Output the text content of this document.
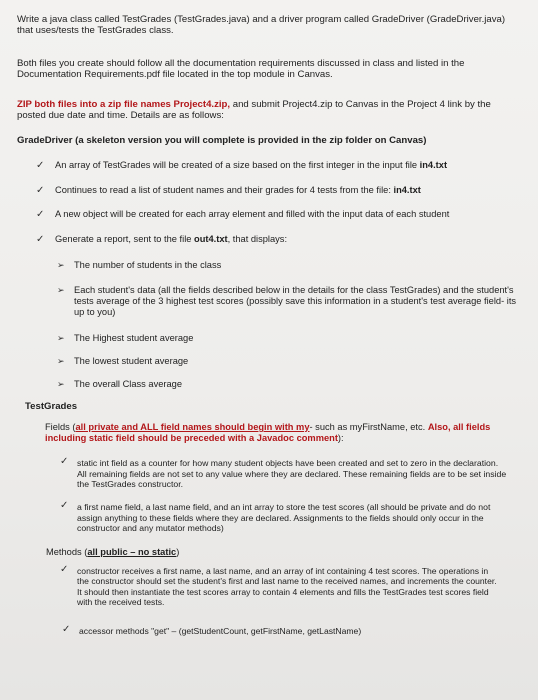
Write a java class called TestGrades (TestGrades.java) and a driver program called GradeDriver (GradeDriver.java) that uses/tests the TestGrades class.

Both files you create should follow all the documentation requirements discussed in class and listed in the Documentation Requirements.pdf file located in the top module in Canvas.

ZIP both files into a zip file names Project4.zip, and submit Project4.zip to Canvas in the Project 4 link by the posted due date and time. Details are as follows:

GradeDriver (a skeleton version you will complete is provided in the zip folder on Canvas)

✓ An array of TestGrades will be created of a size based on the first integer in the input file in4.txt

✓ Continues to read a list of student names and their grades for 4 tests from the file: in4.txt

✓ A new object will be created for each array element and filled with the input data of each student

✓ Generate a report, sent to the file out4.txt, that displays:

➢ The number of students in the class

➢ Each student's data (all the fields described below in the details for the class TestGrades) and the student's tests average of the 3 highest test scores (possibly save this information in a student's test average field- its up to you)

➢ The Highest student average

➢ The lowest student average

➢ The overall Class average

TestGrades

Fields (all private and ALL field names should begin with my- such as myFirstName, etc. Also, all fields including static field should be preceded with a Javadoc comment):

✓ static int field as a counter for how many student objects have been created and set to zero in the declaration. All remaining fields are not set to any value where they are declared. These remaining fields are to be set inside the TestGrades constructor.

✓ a first name field, a last name field, and an int array to store the test scores (all should be private and do not assign anything to these fields where they are declared. Assignments to the fields should only occur in the constructor and any mutator methods)

Methods (all public – no static)

✓ constructor receives a first name, a last name, and an array of int containing 4 test scores. The operations in the constructor should set the student's first and last name to the received names, and increments the counter. It should then instantiate the test scores array to contain 4 elements and fills the TestGrades test scores field with the received tests.

✓ accessor methods "get" – (getStudentCount, getFirstName, getLastName)
